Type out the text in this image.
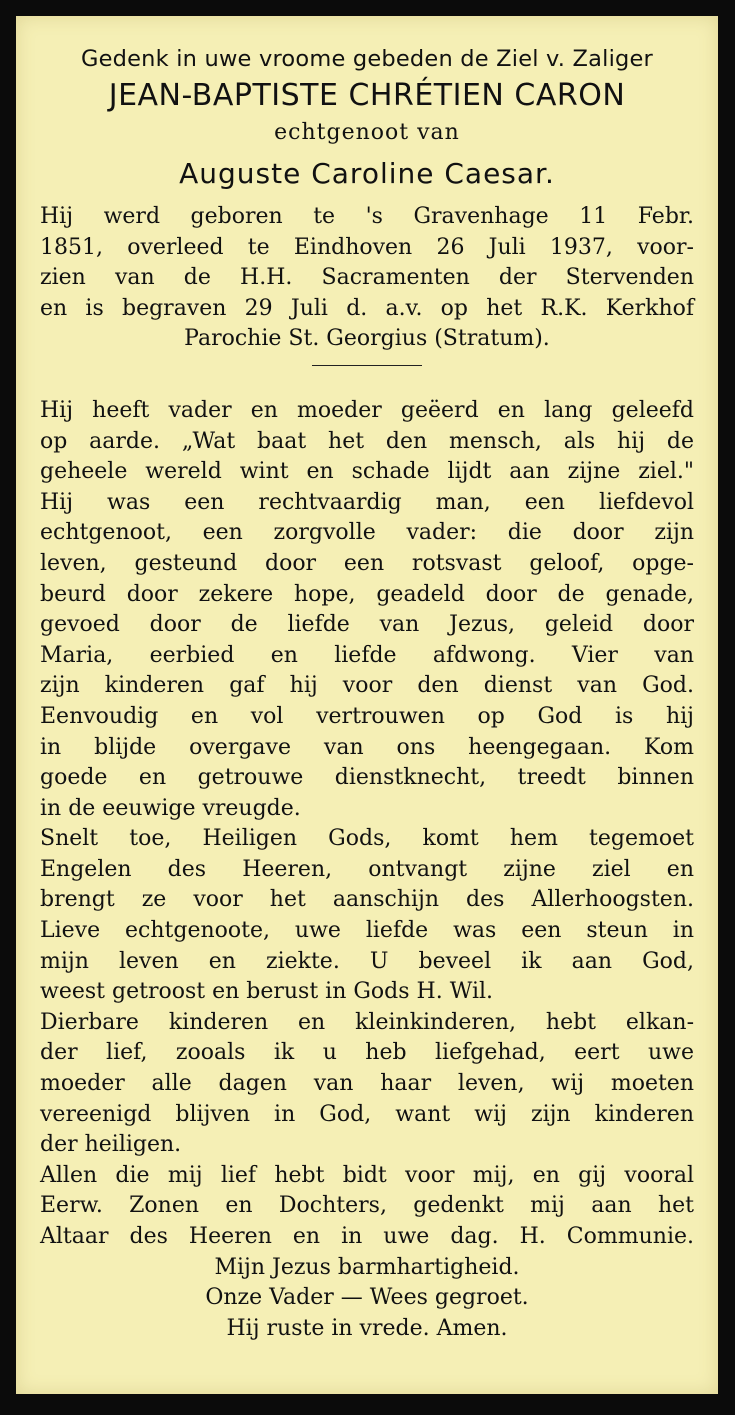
Gedenk in uwe vroome gebeden de Ziel v. Zaliger

JEAN-BAPTISTE CHRÉTIEN CARON

echtgenoot van

Auguste Caroline Caesar.

Hij werd geboren te 's Gravenhage 11 Febr.
1851, overleed te Eindhoven 26 Juli 1937, voor-
zien van de H.H. Sacramenten der Stervenden
en is begraven 29 Juli d. a.v. op het R.K. Kerkhof
Parochie St. Georgius (Stratum).
Hij heeft vader en moeder geëerd en lang geleefd
op aarde. „Wat baat het den mensch, als hij de
geheele wereld wint en schade lijdt aan zijne ziel."
Hij was een rechtvaardig man, een liefdevol
echtgenoot, een zorgvolle vader: die door zijn
leven, gesteund door een rotsvast geloof, opge-
beurd door zekere hope, geadeld door de genade,
gevoed door de liefde van Jezus, geleid door
Maria, eerbied en liefde afdwong. Vier van
zijn kinderen gaf hij voor den dienst van God.
Eenvoudig en vol vertrouwen op God is hij
in blijde overgave van ons heengegaan. Kom
goede en getrouwe dienstknecht, treedt binnen
in de eeuwige vreugde.
Snelt toe, Heiligen Gods, komt hem tegemoet
Engelen des Heeren, ontvangt zijne ziel en
brengt ze voor het aanschijn des Allerhoogsten.
Lieve echtgenoote, uwe liefde was een steun in
mijn leven en ziekte. U beveel ik aan God,
weest getroost en berust in Gods H. Wil.
Dierbare kinderen en kleinkinderen, hebt elkan-
der lief, zooals ik u heb liefgehad, eert uwe
moeder alle dagen van haar leven, wij moeten
vereenigd blijven in God, want wij zijn kinderen
der heiligen.
Allen die mij lief hebt bidt voor mij, en gij vooral
Eerw. Zonen en Dochters, gedenkt mij aan het
Altaar des Heeren en in uwe dag. H. Communie.
Mijn Jezus barmhartigheid.
Onze Vader — Wees gegroet.
Hij ruste in vrede. Amen.
